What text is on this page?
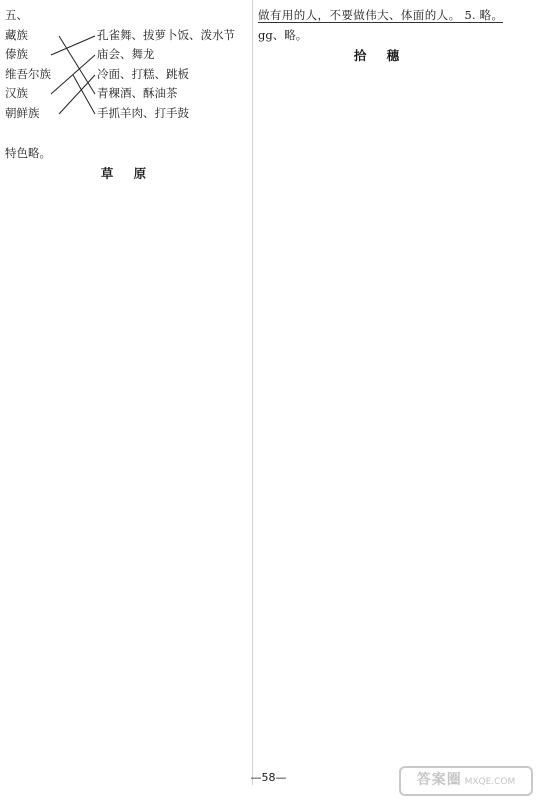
五、
藏族
傣族
维吾尔族
汉族
朝鲜族
孔雀舞、拔萝卜饭、泼水节
庙会、舞龙
冷面、打糕、跳板
青稞酒、酥油茶
手抓羊肉、打手鼓
特色略。
草 原
做有用的人，不要做伟大、体面的人。 5. 略。
gg、略。
拾 穗
—58—	答案圈 MXQE.COM
